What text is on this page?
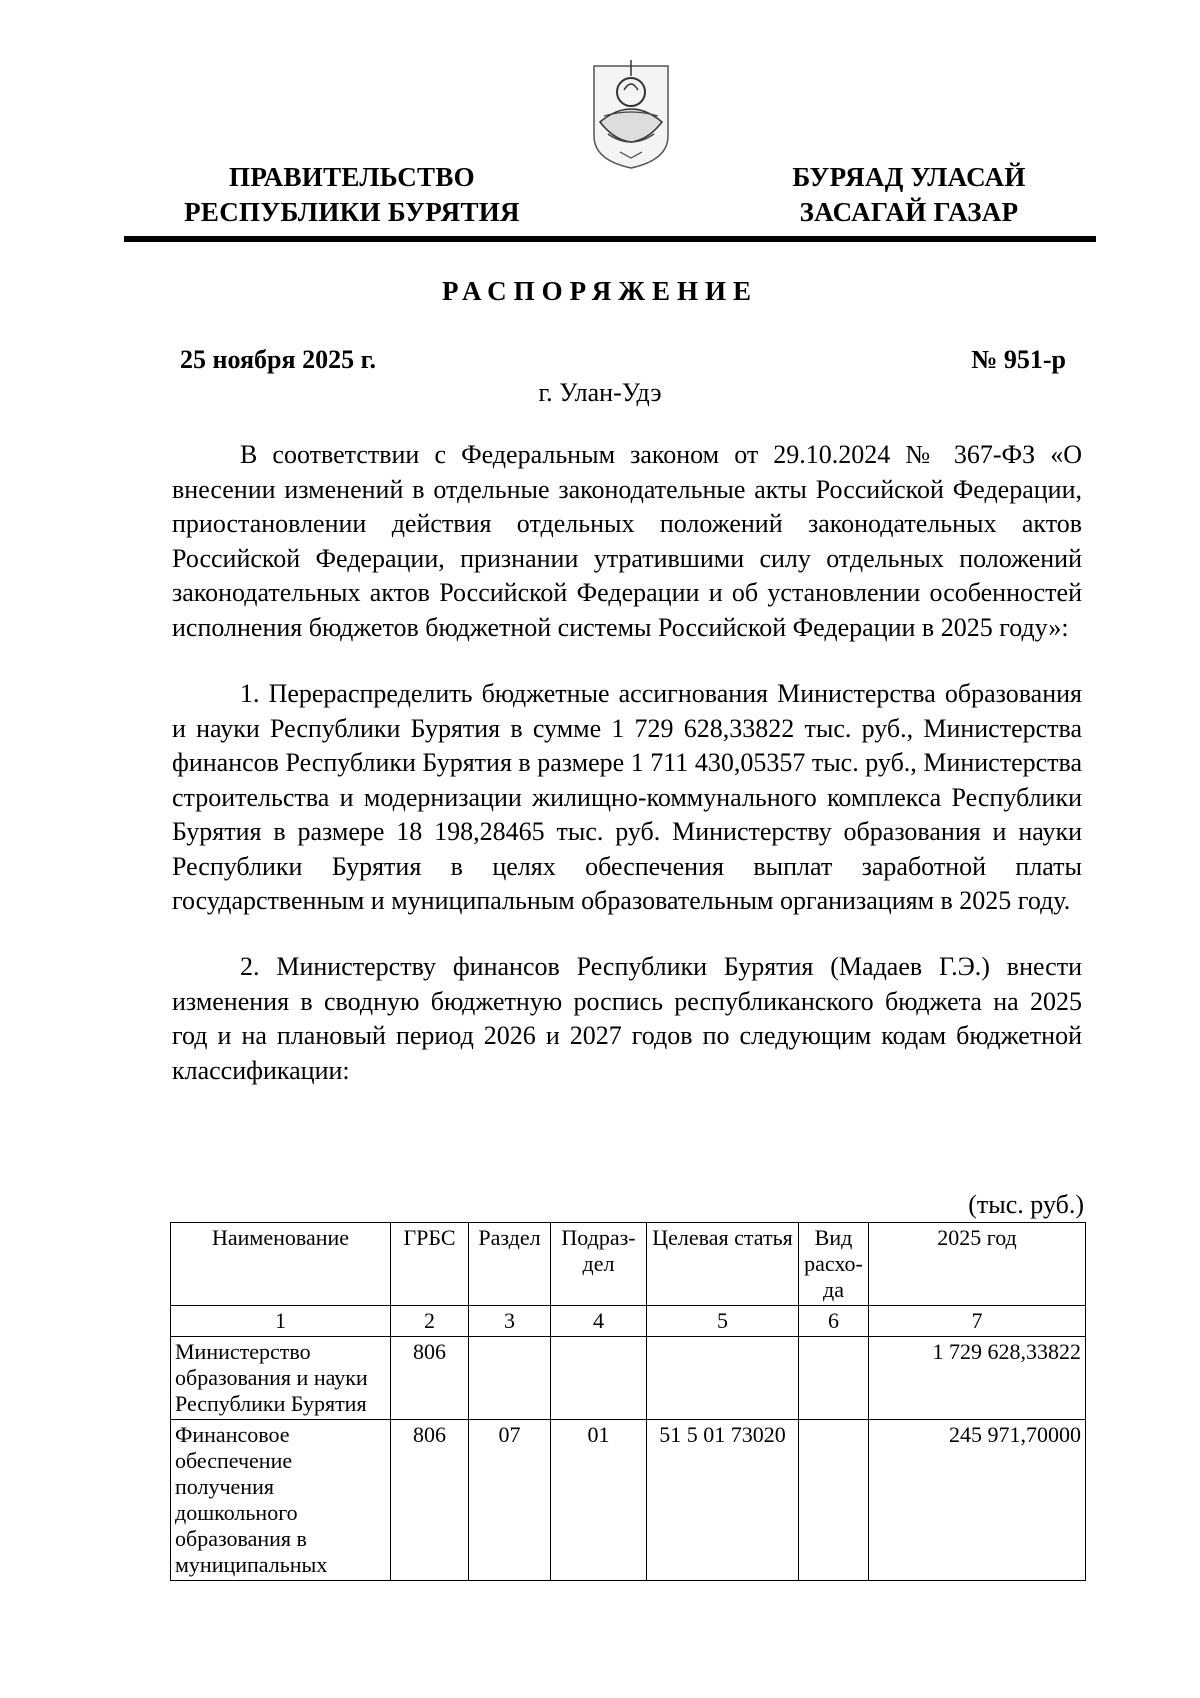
ПРАВИТЕЛЬСТВО
РЕСПУБЛИКИ БУРЯТИЯ
БУРЯАД УЛАСАЙ
ЗАСАГАЙ ГАЗАР
РАСПОРЯЖЕНИЕ
25 ноября 2025 г.	№ 951-р
г. Улан-Удэ

В соответствии с Федеральным законом от 29.10.2024 № 367-ФЗ «О внесении изменений в отдельные законодательные акты Российской Федерации, приостановлении действия отдельных положений законодательных актов Российской Федерации, признании утратившими силу отдельных положений законодательных актов Российской Федерации и об установлении особенностей исполнения бюджетов бюджетной системы Российской Федерации в 2025 году»:

1. Перераспределить бюджетные ассигнования Министерства образования и науки Республики Бурятия в сумме 1 729 628,33822 тыс. руб., Министерства финансов Республики Бурятия в размере 1 711 430,05357 тыс. руб., Министерства строительства и модернизации жилищно-коммунального комплекса Республики Бурятия в размере 18 198,28465 тыс. руб. Министерству образования и науки Республики Бурятия в целях обеспечения выплат заработной платы государственным и муниципальным образовательным организациям в 2025 году.

2. Министерству финансов Республики Бурятия (Мадаев Г.Э.) внести изменения в сводную бюджетную роспись республиканского бюджета на 2025 год и на плановый период 2026 и 2027 годов по следующим кодам бюджетной классификации:

(тыс. руб.)
Наименование	ГРБС	Раздел	Подраз- дел	Целевая статья	Вид расхо- да	2025 год
1	2	3	4	5	6	7
Министерство образования и науки Республики Бурятия	806					1 729 628,33822
Финансовое обеспечение получения дошкольного образования в муниципальных	806	07	01	51 5 01 73020		245 971,70000
